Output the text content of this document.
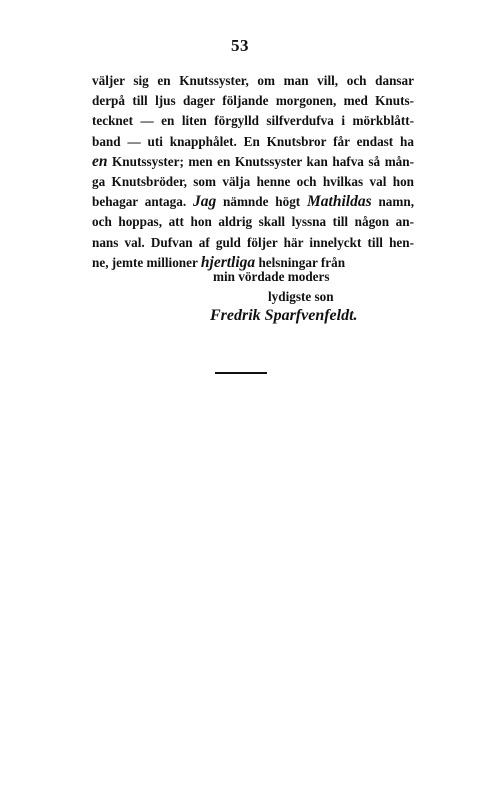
53
väljer sig en Knutssyster, om man vill, och dansar
derpå till ljus dager följande morgonen, med Knuts-
tecknet — en liten förgylld silfverdufva i mörkblått-
band — uti knapphålet. En Knutsbror får endast ha
en Knutssyster; men en Knutssyster kan hafva så mån-
ga Knutsbröder, som välja henne och hvilkas val hon
behagar antaga. Jag nämnde högt Mathildas namn,
och hoppas, att hon aldrig skall lyssna till någon an-
nans val. Dufvan af guld följer här innelyckt till hen-
ne, jemte millioner hjertliga helsningar från
min vördade moders
lydigste son
Fredrik Sparfvenfeldt.
